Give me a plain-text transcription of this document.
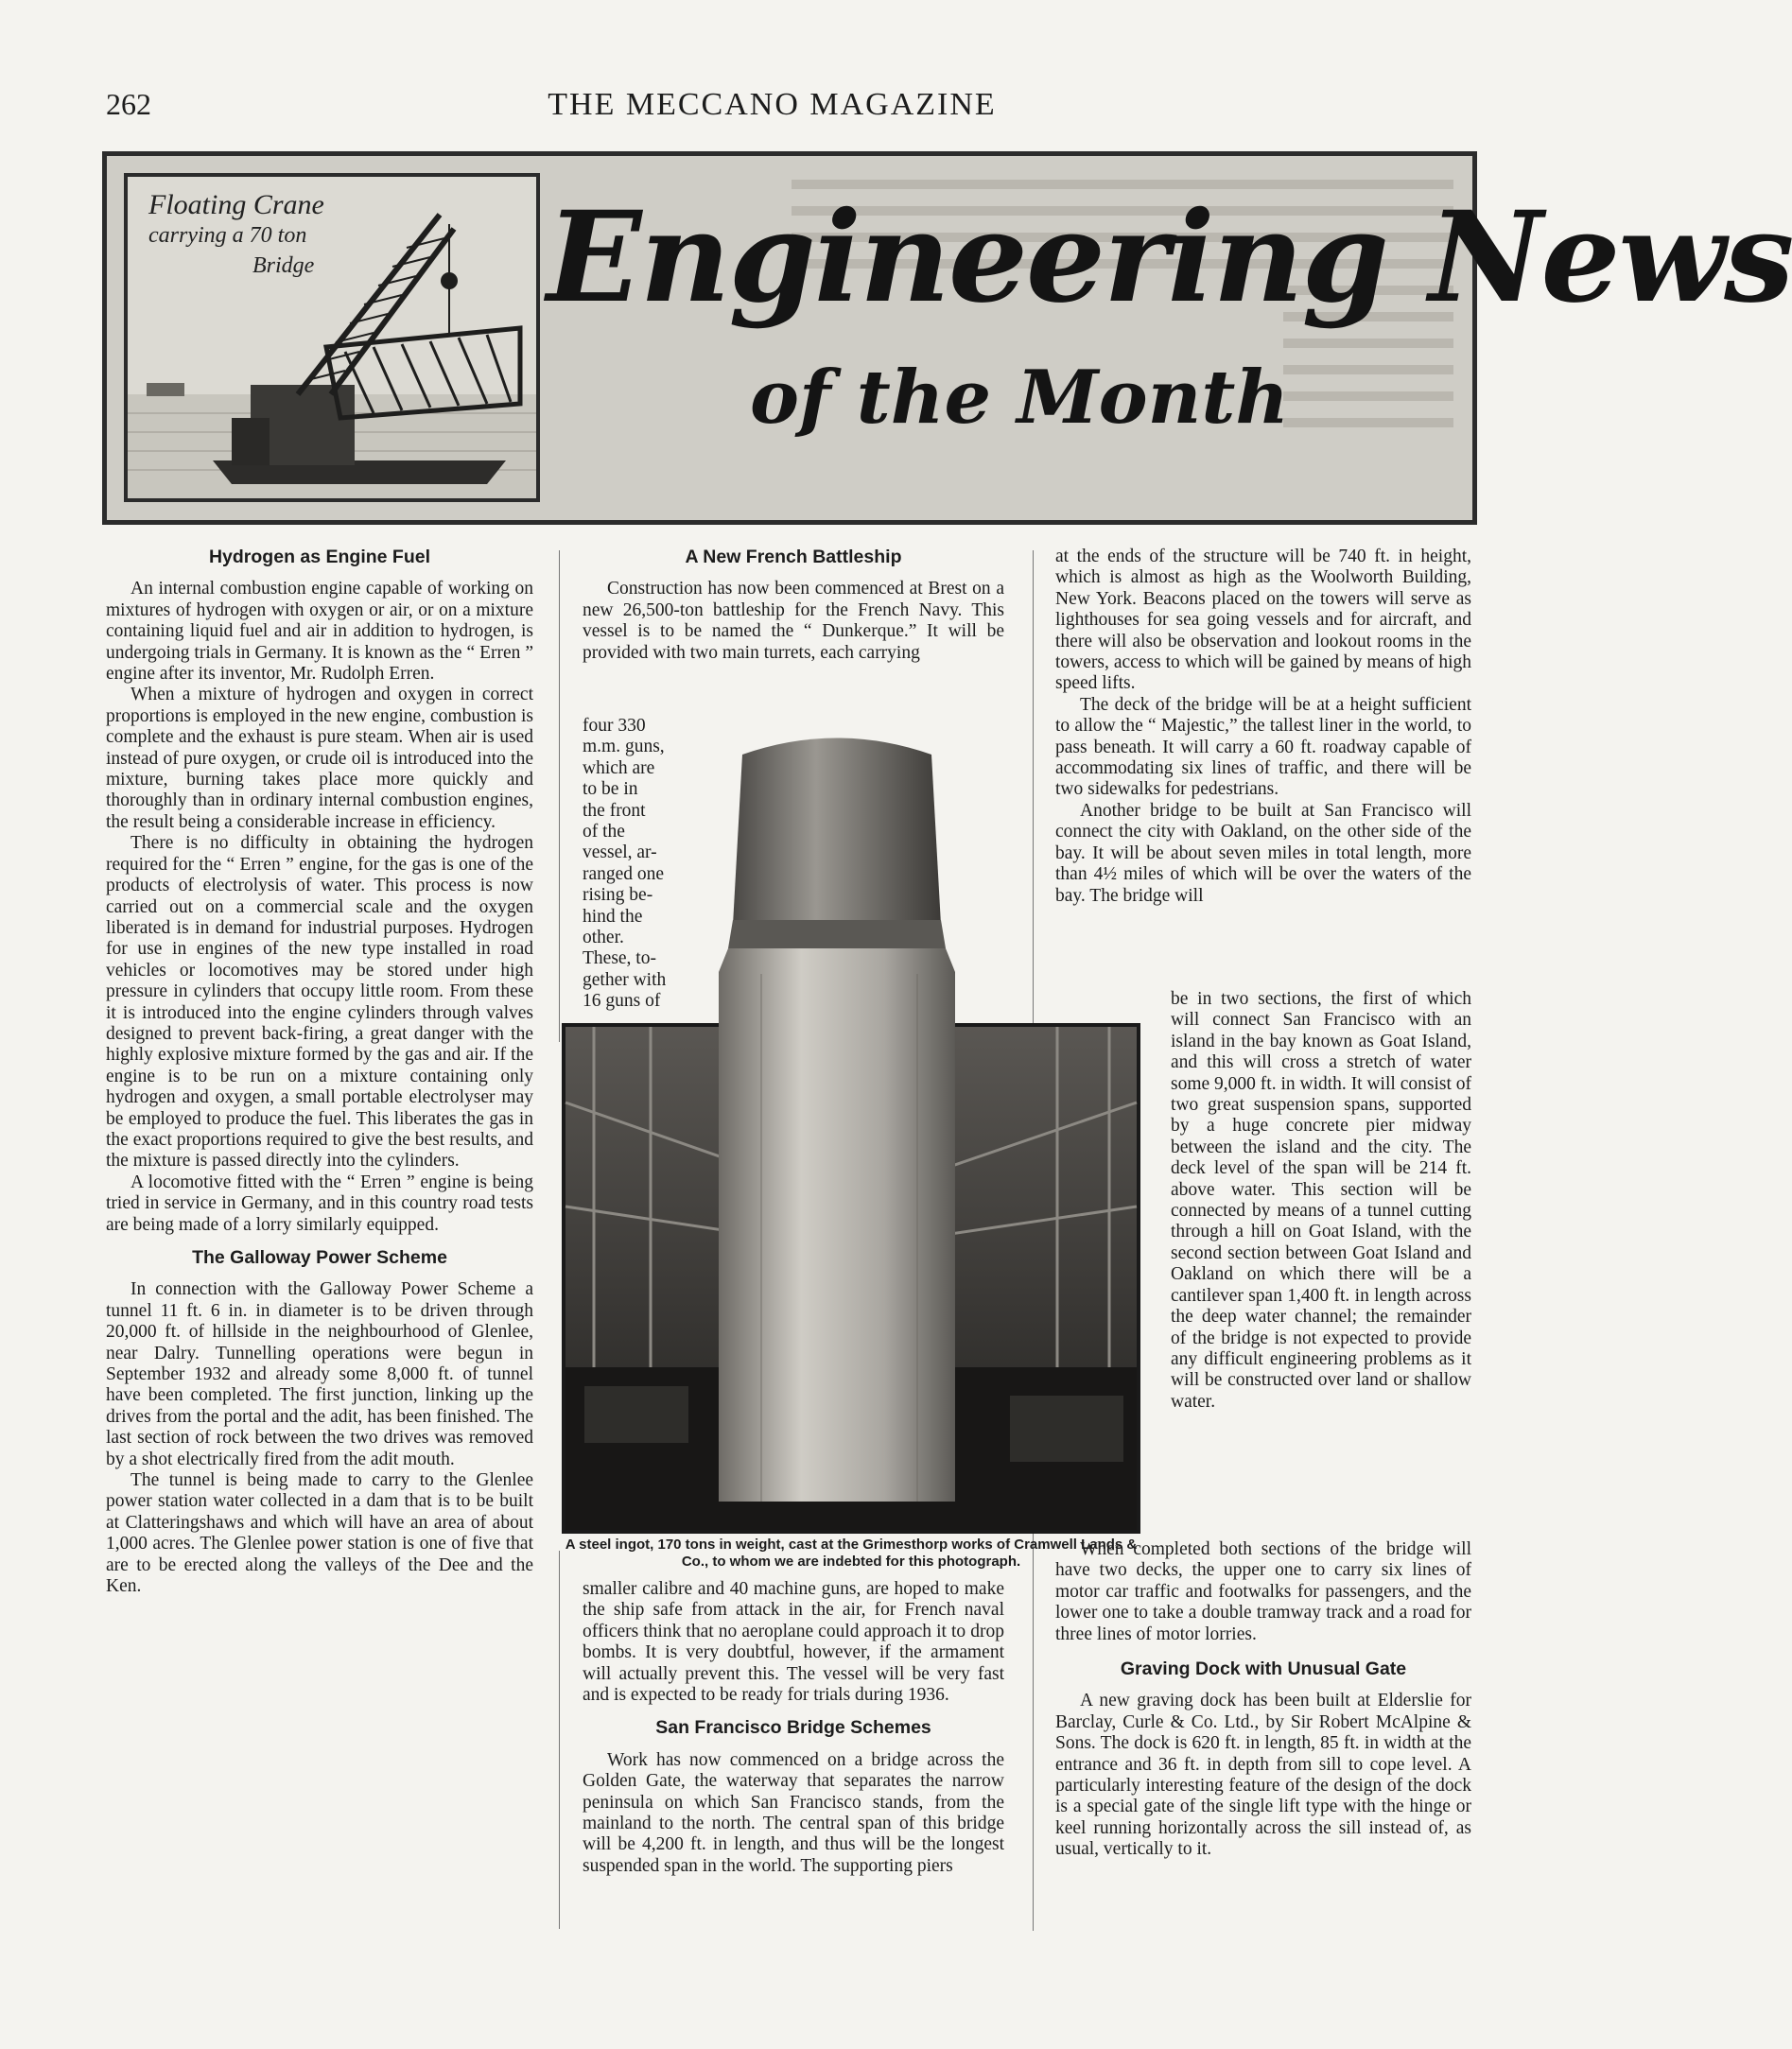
262	THE MECCANO MAGAZINE
Floating Crane
carrying a 70 ton
Bridge Engineering News
of the Month
Hydrogen as Engine Fuel

An internal combustion engine capable of working on mixtures of hydrogen with oxygen or air, or on a mixture containing liquid fuel and air in addition to hydrogen, is undergoing trials in Germany. It is known as the “ Erren ” engine after its inventor, Mr. Rudolph Erren.

When a mixture of hydrogen and oxygen in correct proportions is employed in the new engine, combustion is complete and the exhaust is pure steam. When air is used instead of pure oxygen, or crude oil is introduced into the mixture, burning takes place more quickly and thoroughly than in ordinary internal combustion engines, the result being a considerable increase in efficiency.

There is no difficulty in obtaining the hydrogen required for the “ Erren ” engine, for the gas is one of the products of electrolysis of water. This process is now carried out on a commercial scale and the oxygen liberated is in demand for industrial purposes. Hydrogen for use in engines of the new type installed in road vehicles or locomotives may be stored under high pressure in cylinders that occupy little room. From these it is introduced into the engine cylinders through valves designed to prevent back-firing, a great danger with the highly explosive mixture formed by the gas and air. If the engine is to be run on a mixture containing only hydrogen and oxygen, a small portable electrolyser may be employed to produce the fuel. This liberates the gas in the exact proportions required to give the best results, and the mixture is passed directly into the cylinders.

A locomotive fitted with the “ Erren ” engine is being tried in service in Germany, and in this country road tests are being made of a lorry similarly equipped.

The Galloway Power Scheme

In connection with the Galloway Power Scheme a tunnel 11 ft. 6 in. in diameter is to be driven through 20,000 ft. of hillside in the neighbourhood of Glenlee, near Dalry. Tunnelling operations were begun in September 1932 and already some 8,000 ft. of tunnel have been completed. The first junction, linking up the drives from the portal and the adit, has been finished. The last section of rock between the two drives was removed by a shot electrically fired from the adit mouth.

The tunnel is being made to carry to the Glenlee power station water collected in a dam that is to be built at Clatteringshaws and which will have an area of about 1,000 acres. The Glenlee power station is one of five that are to be erected along the valleys of the Dee and the Ken.

A New French Battleship

Construction has now been commenced at Brest on a new 26,500-ton battleship for the French Navy. This vessel is to be named the “ Dunkerque.” It will be provided with two main turrets, each carrying

four 330
m.m. guns,
which are
to be in
the front
of the
vessel, ar-
ranged one
rising be-
hind the
other.
These, to-
gether with
16 guns of
A steel ingot, 170 tons in weight, cast at the Grimesthorp works of Cramwell Lands & Co., to whom we are indebted for this photograph.

smaller calibre and 40 machine guns, are hoped to make the ship safe from attack in the air, for French naval officers think that no aeroplane could approach it to drop bombs. It is very doubtful, however, if the armament will actually prevent this. The vessel will be very fast and is expected to be ready for trials during 1936.

San Francisco Bridge Schemes

Work has now commenced on a bridge across the Golden Gate, the waterway that separates the narrow peninsula on which San Francisco stands, from the mainland to the north. The central span of this bridge will be 4,200 ft. in length, and thus will be the longest suspended span in the world. The supporting piers

at the ends of the structure will be 740 ft. in height, which is almost as high as the Woolworth Building, New York. Beacons placed on the towers will serve as lighthouses for sea going vessels and for aircraft, and there will also be observation and lookout rooms in the towers, access to which will be gained by means of high speed lifts.

The deck of the bridge will be at a height sufficient to allow the “ Majestic,” the tallest liner in the world, to pass beneath. It will carry a 60 ft. roadway capable of accommodating six lines of traffic, and there will be two sidewalks for pedestrians.

Another bridge to be built at San Francisco will connect the city with Oakland, on the other side of the bay. It will be about seven miles in total length, more than 4½ miles of which will be over the waters of the bay. The bridge will

be in two sections, the first of which will connect San Francisco with an island in the bay known as Goat Island, and this will cross a stretch of water some 9,000 ft. in width. It will consist of two great suspension spans, supported by a huge concrete pier midway between the island and the city. The deck level of the span will be 214 ft. above water. This section will be connected by means of a tunnel cutting through a hill on Goat Island, with the second section between Goat Island and Oakland on which there will be a cantilever span 1,400 ft. in length across the deep water channel; the remainder of the bridge is not expected to provide any difficult engineering problems as it will be constructed over land or shallow water.

When completed both sections of the bridge will have two decks, the upper one to carry six lines of motor car traffic and footwalks for passengers, and the lower one to take a double tramway track and a road for three lines of motor lorries.

Graving Dock with Unusual Gate

A new graving dock has been built at Elderslie for Barclay, Curle & Co. Ltd., by Sir Robert McAlpine & Sons. The dock is 620 ft. in length, 85 ft. in width at the entrance and 36 ft. in depth from sill to cope level. A particularly interesting feature of the design of the dock is a special gate of the single lift type with the hinge or keel running horizontally across the sill instead of, as usual, vertically to it.
